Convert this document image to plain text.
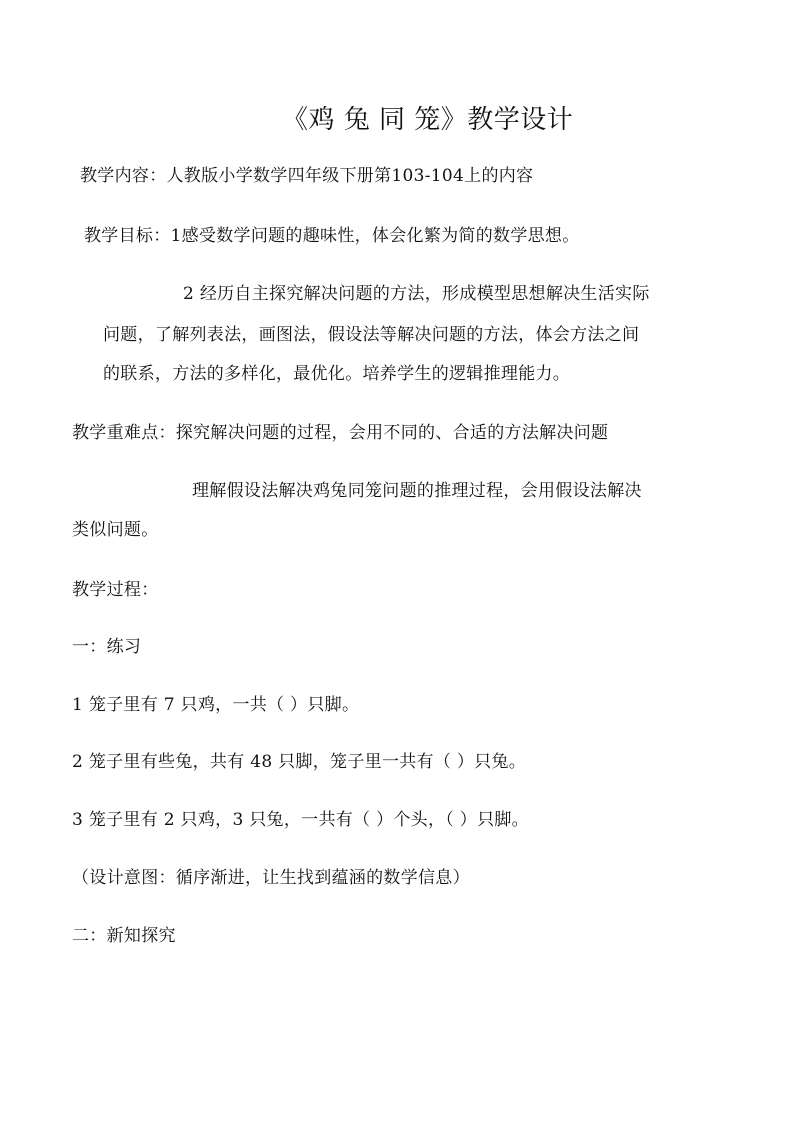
《鸡 兔 同 笼》教学设计
教学内容：人教版小学数学四年级下册第103-104上的内容
教学目标：1感受数学问题的趣味性，体会化繁为简的数学思想。
2 经历自主探究解决问题的方法，形成模型思想解决生活实际
问题，了解列表法，画图法，假设法等解决问题的方法，体会方法之间
的联系，方法的多样化，最优化。培养学生的逻辑推理能力。
教学重难点：探究解决问题的过程，会用不同的、合适的方法解决问题
理解假设法解决鸡兔同笼问题的推理过程，会用假设法解决
类似问题。
教学过程：
一：练习
1 笼子里有 7 只鸡，一共（ ）只脚。
2 笼子里有些兔，共有 48 只脚，笼子里一共有（ ）只兔。
3 笼子里有 2 只鸡，3 只兔，一共有（ ）个头，（ ）只脚。
（设计意图：循序渐进，让生找到蕴涵的数学信息）
二：新知探究
